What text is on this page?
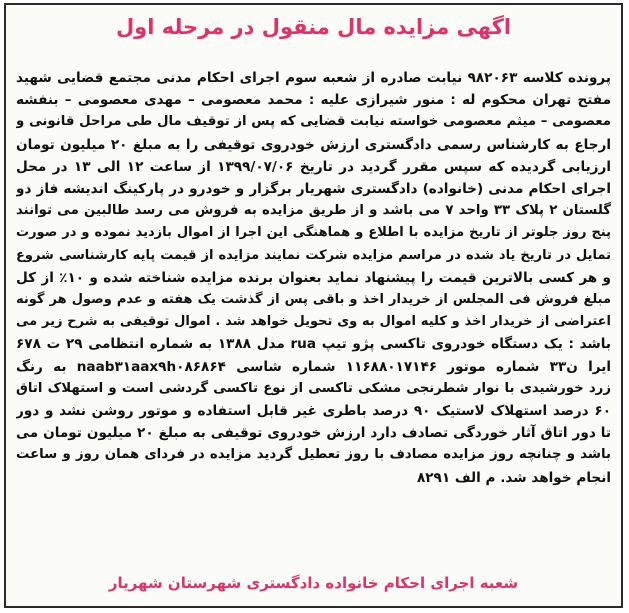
اگهی مزایده مال منقول در مرحله اول
پرونده کلاسه ۹۸۲۰۶۳ نیابت صادره از شعبه سوم اجرای احکام مدنی مجتمع قضایی شهید
مفتح تهران محکوم له : منور شیرازی علیه : محمد معصومی – مهدی معصومی – بنفشه
معصومی – میثم معصومی خواسته نیابت قضایی که پس از توقیف مال طی مراحل قانونی و
ارجاع به کارشناس رسمی دادگستری ارزش خودروی توقیفی را به مبلغ ۲۰ میلیون تومان
ارزیابی گردیده که سپس مقرر گردید در تاریخ ۱۳۹۹/۰۷/۰۶ از ساعت ۱۲ الی ۱۳ در محل
اجرای احکام مدنی (خانواده) دادگستری شهریار برگزار و خودرو در پارکینگ اندیشه فاز دو
گلستان ۲ پلاک ۳۳ واحد ۷ می باشد و از طریق مزایده به فروش می رسد طالبین می توانند
پنج روز جلوتر از تاریخ مزایده با اطلاع و هماهنگی این اجرا از اموال بازدید نموده و در صورت
تمایل در تاریخ یاد شده در مراسم مزایده شرکت نمایند مزایده از قیمت پایه کارشناسی شروع
و هر کسی بالاترین قیمت را پیشنهاد نماید بعنوان برنده مزایده شناخته شده و ۱۰٪ از کل
مبلغ فروش فی المجلس از خریدار اخذ و باقی پس از گذشت یک هفته و عدم وصول هر گونه
اعتراضی از خریدار اخذ و کلیه اموال به وی تحویل خواهد شد . اموال توقیفی به شرح زیر می
باشد : یک دستگاه خودروی تاکسی پژو تیپ rua مدل ۱۳۸۸ به شماره انتظامی ۲۹ ت ۶۷۸
ایرا ن۳۳ شماره موتور ۱۱۶۸۸۰۱۷۱۴۶ شماره شاسی naab۳۱aax۹h۰۸۶۸۶۴ به رنگ
زرد خورشیدی با نوار شطرنجی مشکی تاکسی از نوع تاکسی گردشی است و استهلاک اتاق
۶۰ درصد استهلاک لاستیک ۹۰ درصد باطری غیر قابل استفاده و موتور روشن نشد و دور
تا دور اتاق آثار خوردگی تصادف دارد ارزش خودروی توقیفی به مبلغ ۲۰ میلیون تومان می
باشد و چنانچه روز مزایده مصادف با روز تعطیل گردید مزایده در فردای همان روز و ساعت
انجام خواهد شد. م الف ۸۲۹۱
شعبه اجرای احکام خانواده دادگستری شهرستان شهریار
